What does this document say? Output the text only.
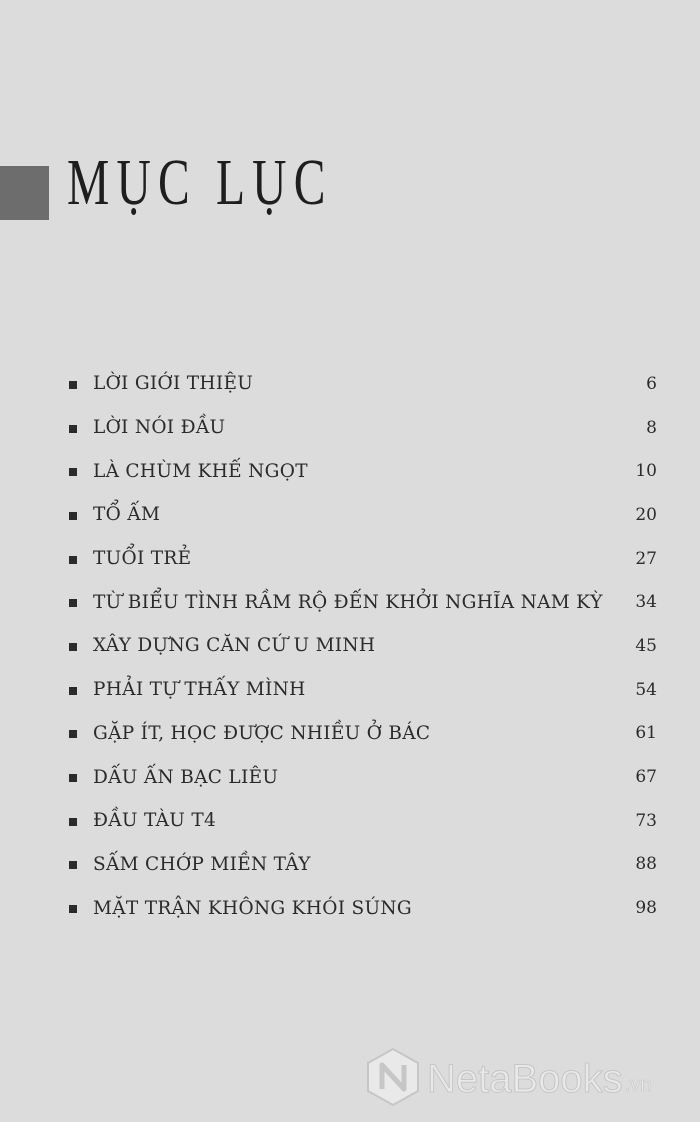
MỤC LỤC
LỜI GIỚI THIỆU	6
LỜI NÓI ĐẦU	8
LÀ CHÙM KHẾ NGỌT	10
TỔ ẤM	20
TUỔI TRẺ	27
TỪ BIỂU TÌNH RẦM RỘ ĐẾN KHỞI NGHĨA NAM KỲ 34
XÂY DỰNG CĂN CỨ U MINH	45
PHẢI TỰ THẤY MÌNH	54
GẶP ÍT, HỌC ĐƯỢC NHIỀU Ở BÁC	61
DẤU ẤN BẠC LIÊU	67
ĐẦU TÀU T4	73
SẤM CHỚP MIỀN TÂY	88
MẶT TRẬN KHÔNG KHÓI SÚNG	98
NetaBooks .vn
